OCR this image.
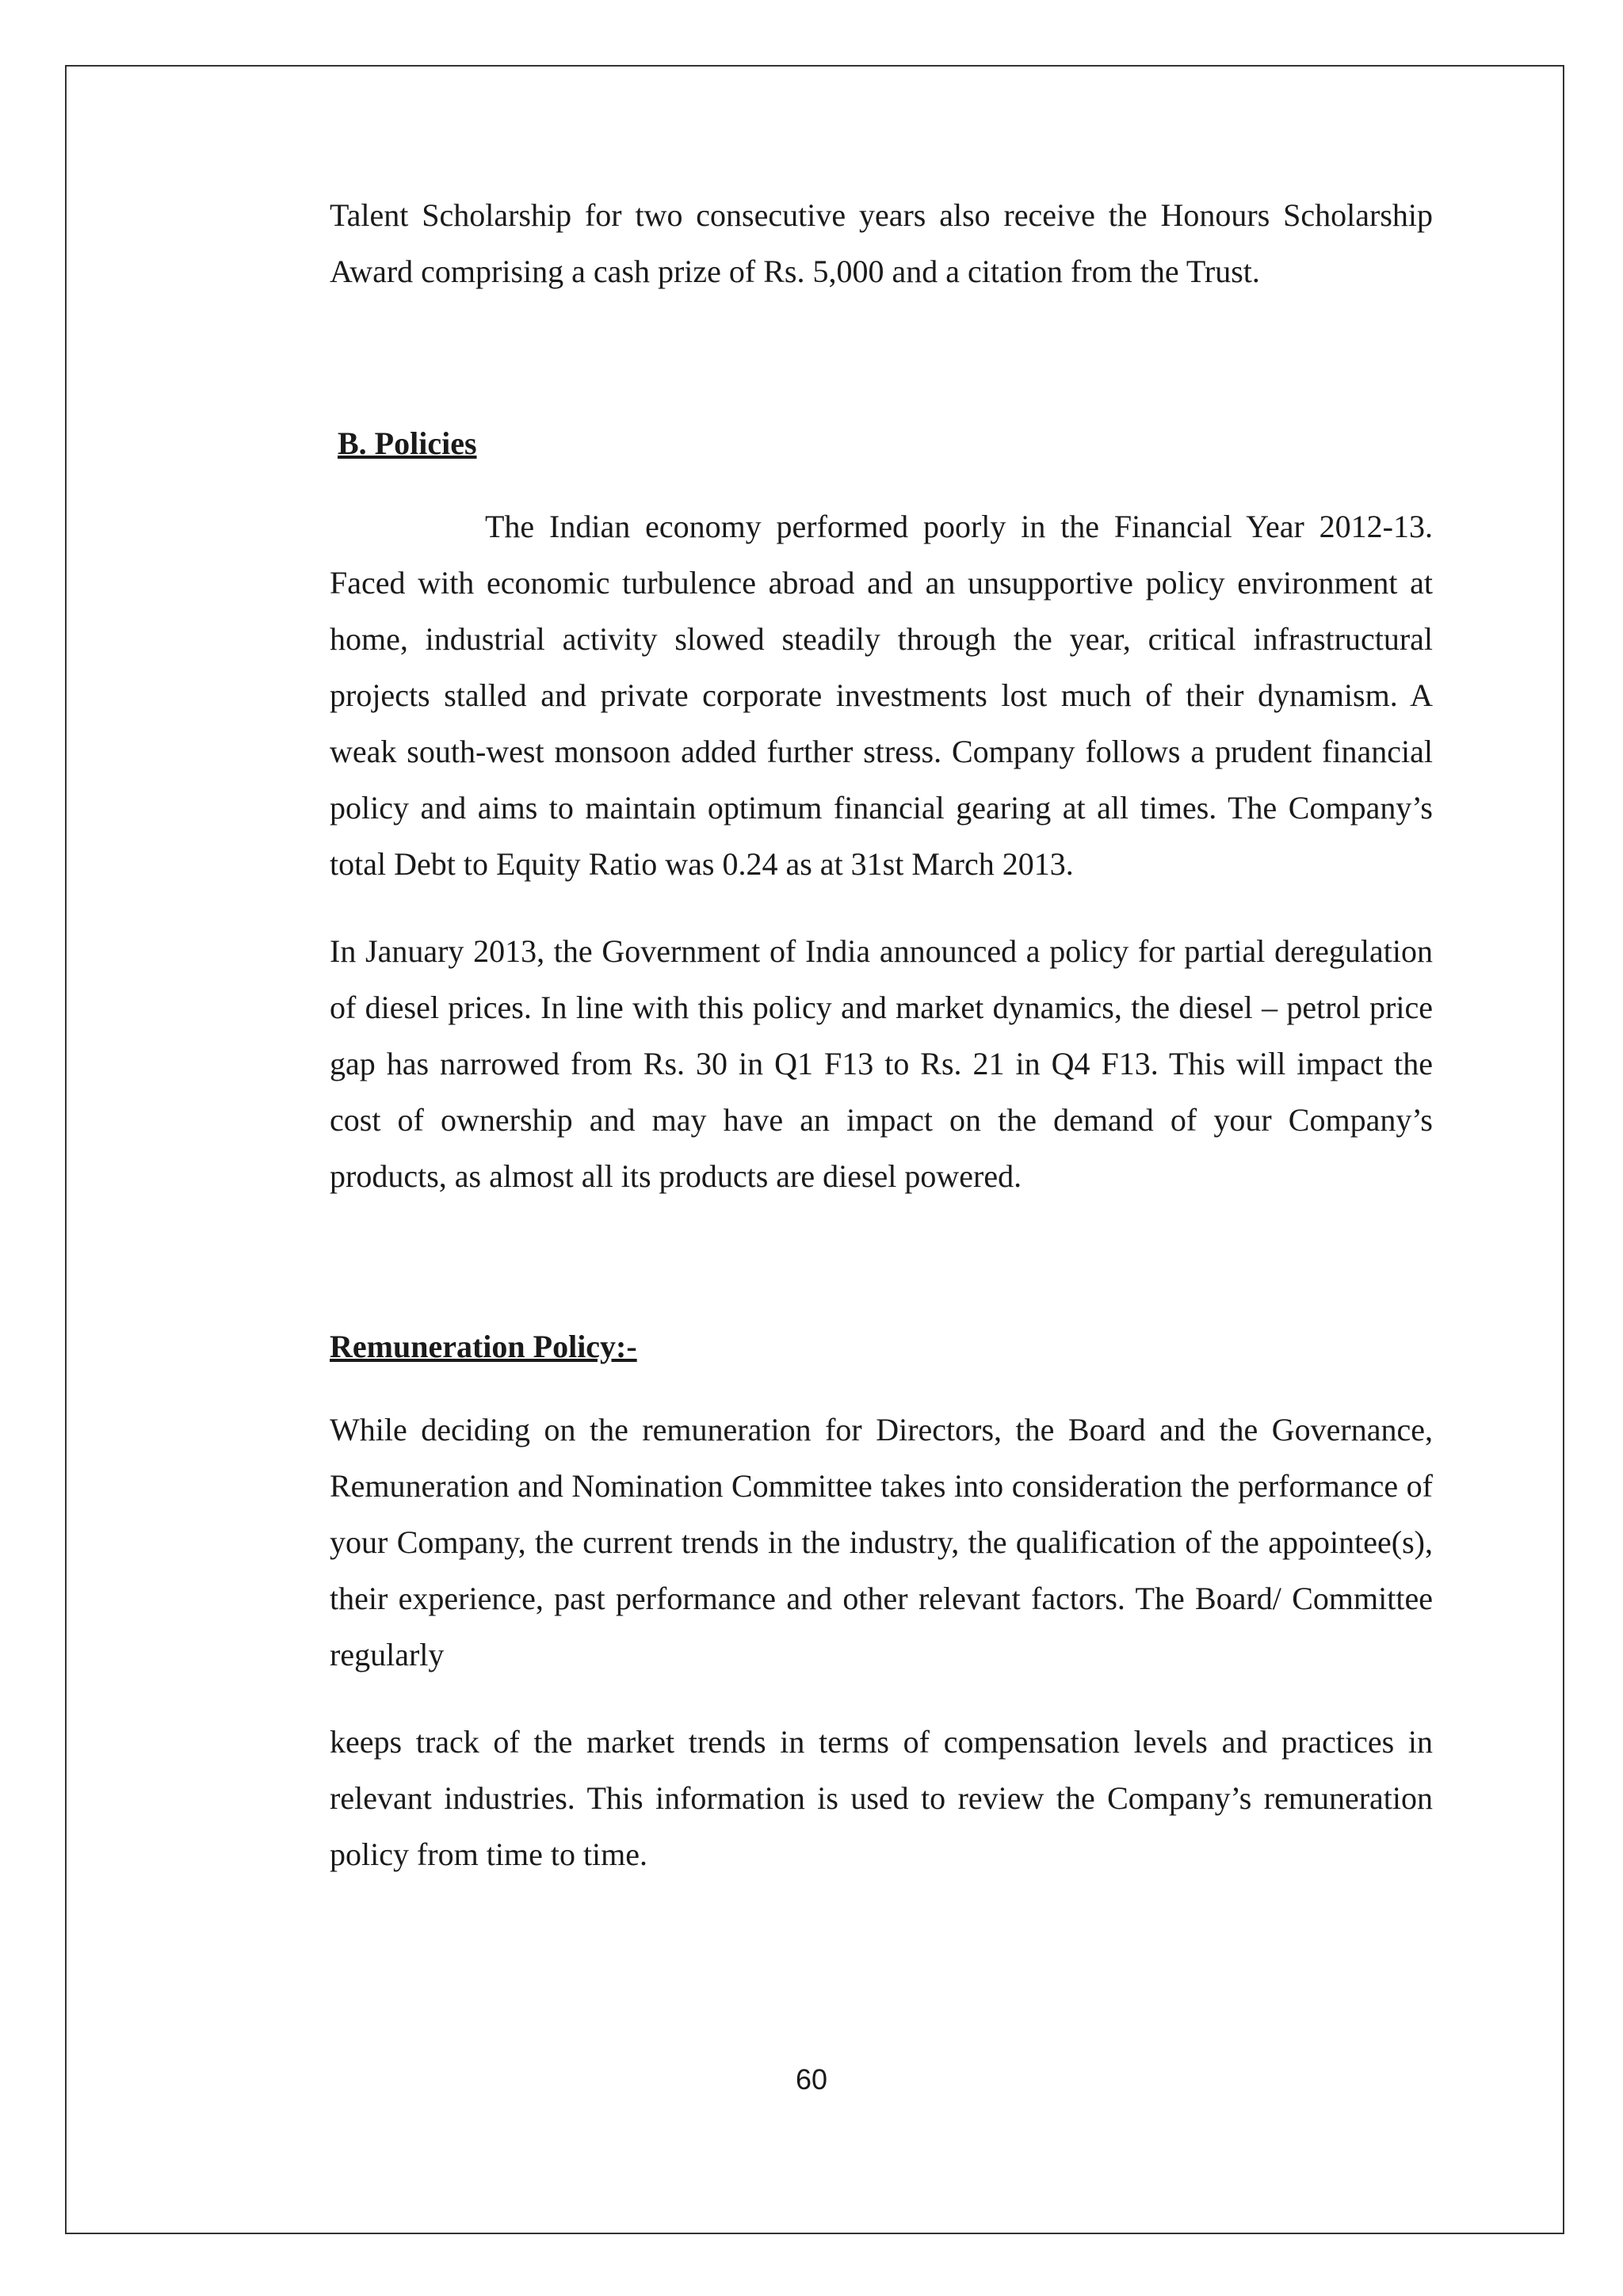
Talent Scholarship for two consecutive years also receive the Honours Scholarship Award comprising a cash prize of Rs. 5,000 and a citation from the Trust.

B. Policies

The Indian economy performed poorly in the Financial Year 2012-13. Faced with economic turbulence abroad and an unsupportive policy environment at home, industrial activity slowed steadily through the year, critical infrastructural projects stalled and private corporate investments lost much of their dynamism. A weak south-west monsoon added further stress. Company follows a prudent financial policy and aims to maintain optimum financial gearing at all times. The Company’s total Debt to Equity Ratio was 0.24 as at 31st March 2013.

In January 2013, the Government of India announced a policy for partial deregulation of diesel prices. In line with this policy and market dynamics, the diesel – petrol price gap has narrowed from Rs. 30 in Q1 F13 to Rs. 21 in Q4 F13. This will impact the cost of ownership and may have an impact on the demand of your Company’s products, as almost all its products are diesel powered.

Remuneration Policy:-

While deciding on the remuneration for Directors, the Board and the Governance, Remuneration and Nomination Committee takes into consideration the performance of your Company, the current trends in the industry, the qualification of the appointee(s), their experience, past performance and other relevant factors. The Board/ Committee regularly

keeps track of the market trends in terms of compensation levels and practices in relevant industries. This information is used to review the Company’s remuneration policy from time to time.

60
